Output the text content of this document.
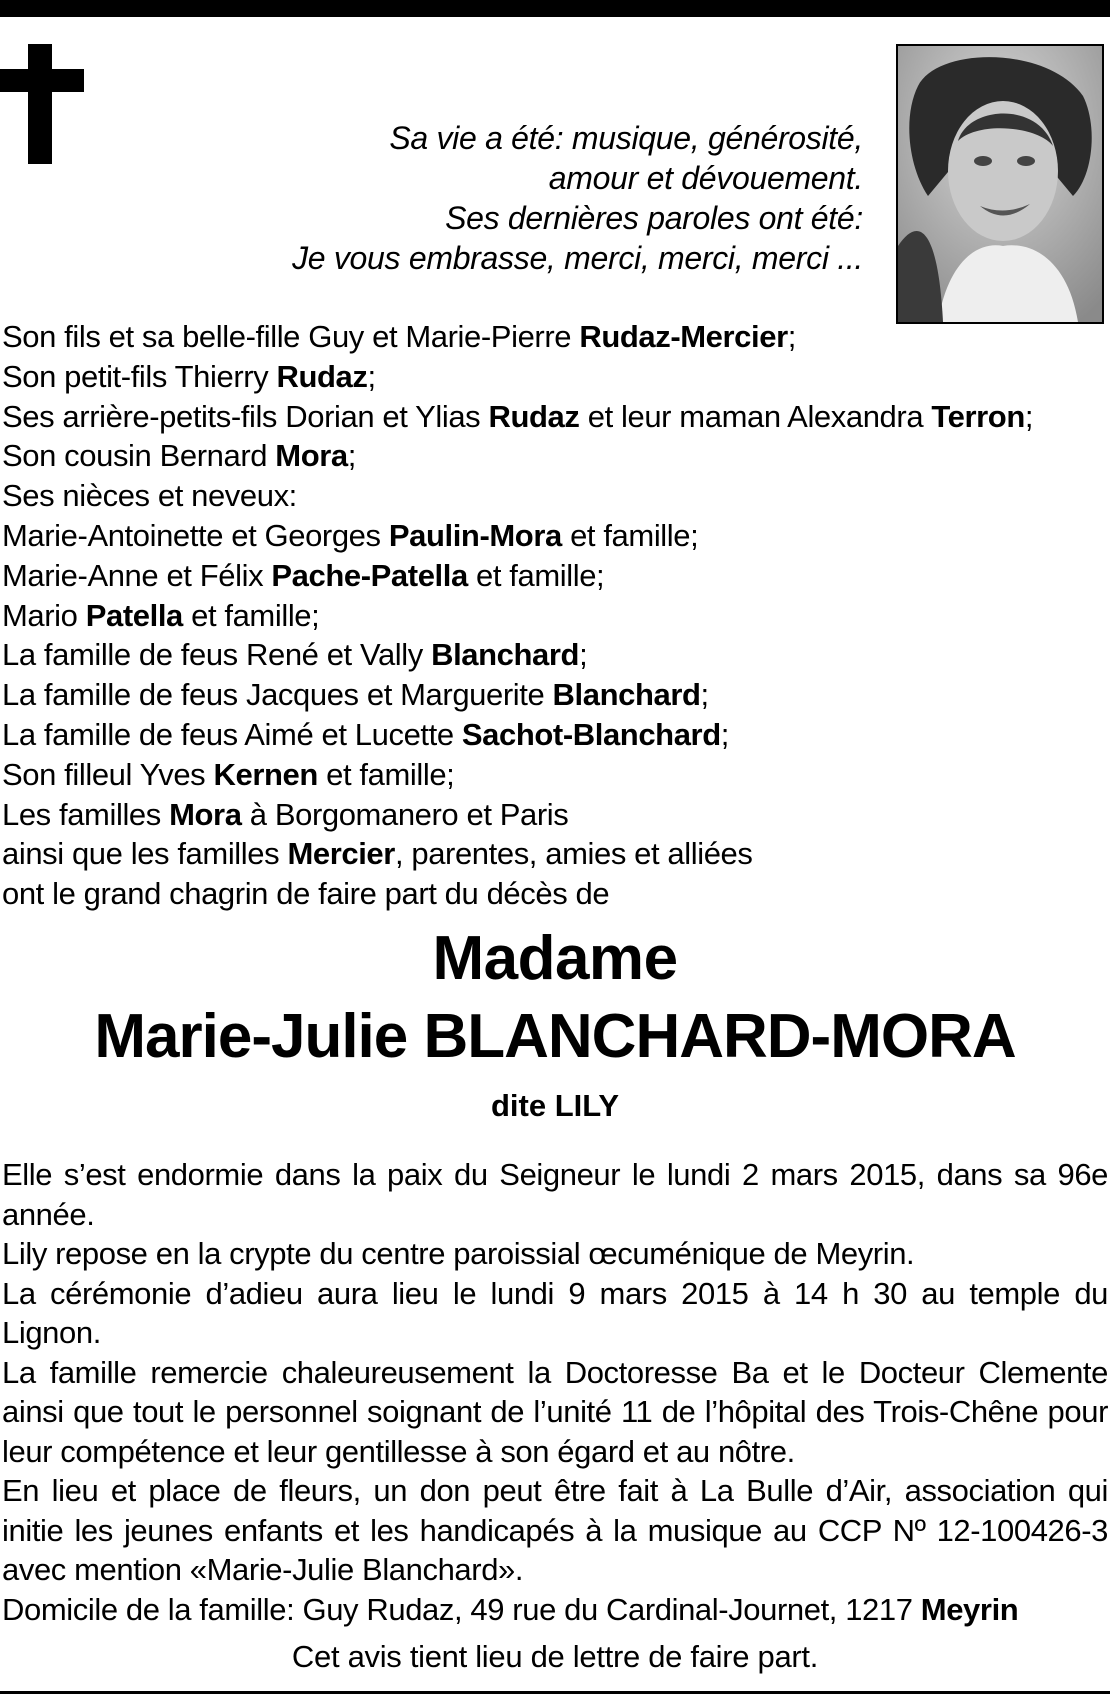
Sa vie a été: musique, générosité,
amour et dévouement.
Ses dernières paroles ont été:
Je vous embrasse, merci, merci, merci ...
Son fils et sa belle-fille Guy et Marie-Pierre Rudaz-Mercier;
Son petit-fils Thierry Rudaz;
Ses arrière-petits-fils Dorian et Ylias Rudaz et leur maman Alexandra Terron;
Son cousin Bernard Mora;
Ses nièces et neveux:
Marie-Antoinette et Georges Paulin-Mora et famille;
Marie-Anne et Félix Pache-Patella et famille;
Mario Patella et famille;
La famille de feus René et Vally Blanchard;
La famille de feus Jacques et Marguerite Blanchard;
La famille de feus Aimé et Lucette Sachot-Blanchard;
Son filleul Yves Kernen et famille;
Les familles Mora à Borgomanero et Paris
ainsi que les familles Mercier, parentes, amies et alliées
ont le grand chagrin de faire part du décès de
Madame
Marie-Julie BLANCHARD-MORA
dite LILY

Elle s’est endormie dans la paix du Seigneur le lundi 2 mars 2015, dans sa 96e année.

Lily repose en la crypte du centre paroissial œcuménique de Meyrin.

La cérémonie d’adieu aura lieu le lundi 9 mars 2015 à 14 h 30 au temple du Lignon.

La famille remercie chaleureusement la Doctoresse Ba et le Docteur Clemente ainsi que tout le personnel soignant de l’unité 11 de l’hôpital des Trois-Chêne pour leur compétence et leur gentillesse à son égard et au nôtre.

En lieu et place de fleurs, un don peut être fait à La Bulle d’Air, association qui initie les jeunes enfants et les handicapés à la musique au CCP Nº 12-100426-3 avec mention «Marie-Julie Blanchard».

Domicile de la famille: Guy Rudaz, 49 rue du Cardinal-Journet, 1217 Meyrin

Cet avis tient lieu de lettre de faire part.
